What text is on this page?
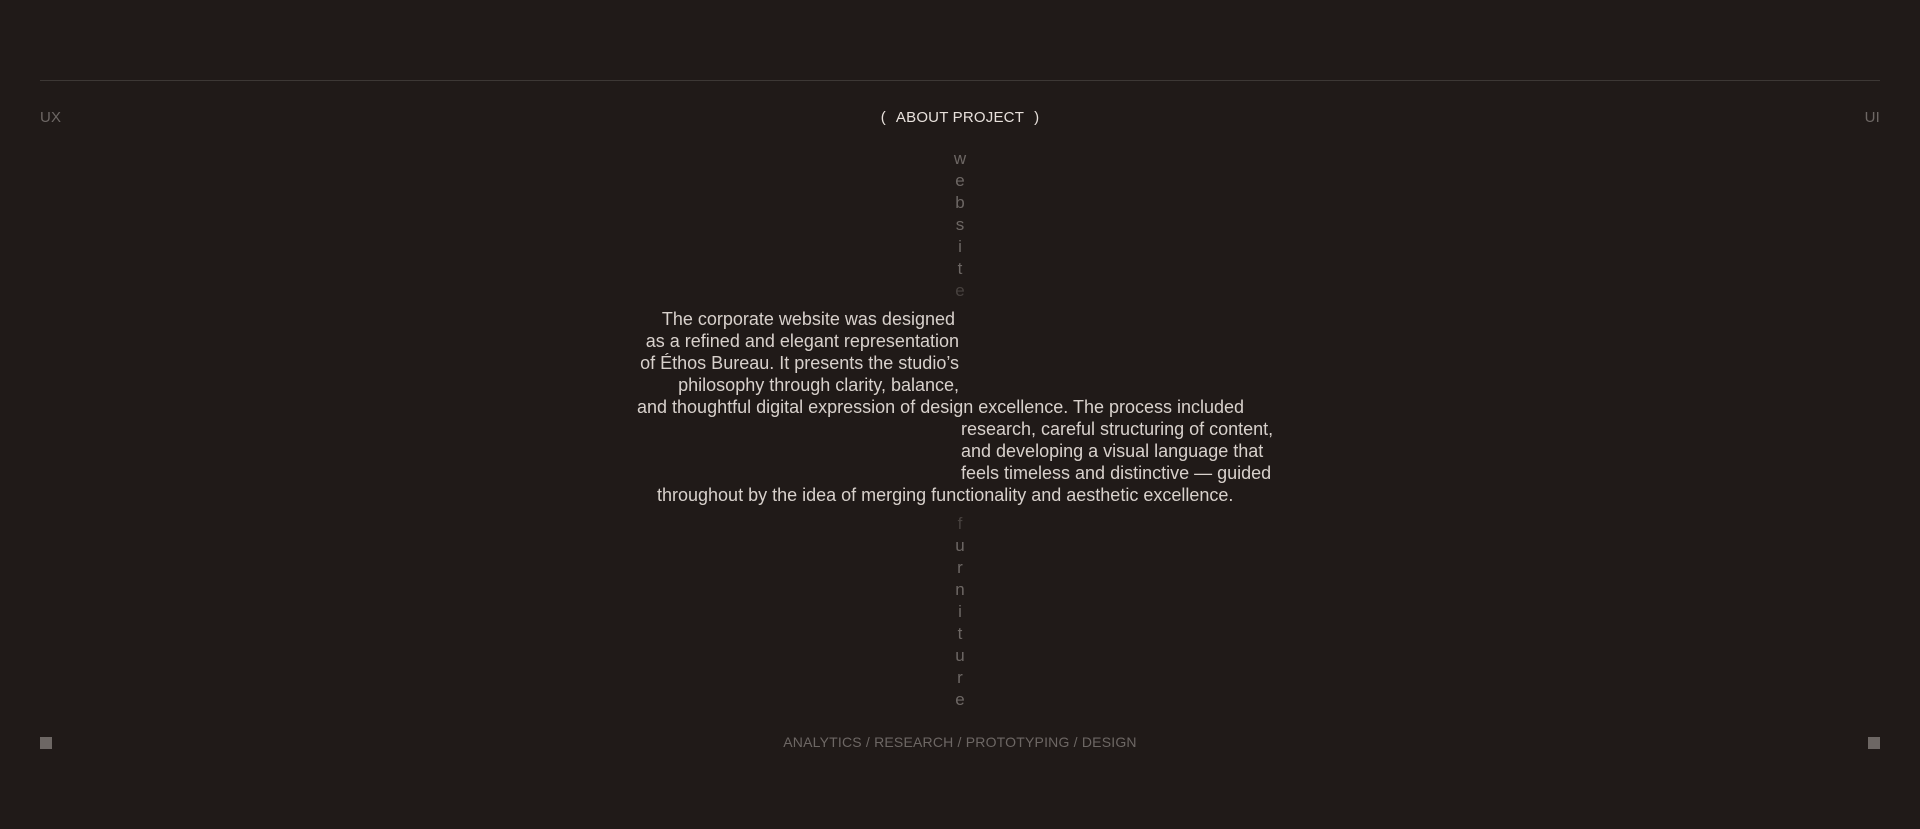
UX	( ABOUT PROJECT )	UI
w
e
b
s
i
t
e
The corporate website was designed
as a refined and elegant representation
of Éthos Bureau. It presents the studio’s
philosophy through clarity, balance,
and thoughtful digital expression of design excellence. The process included
research, careful structuring of content,
and developing a visual language that
feels timeless and distinctive — guided
throughout by the idea of merging functionality and aesthetic excellence.
f
u
r
n
i
t
u
r
e
ANALYTICS / RESEARCH / PROTOTYPING / DESIGN
